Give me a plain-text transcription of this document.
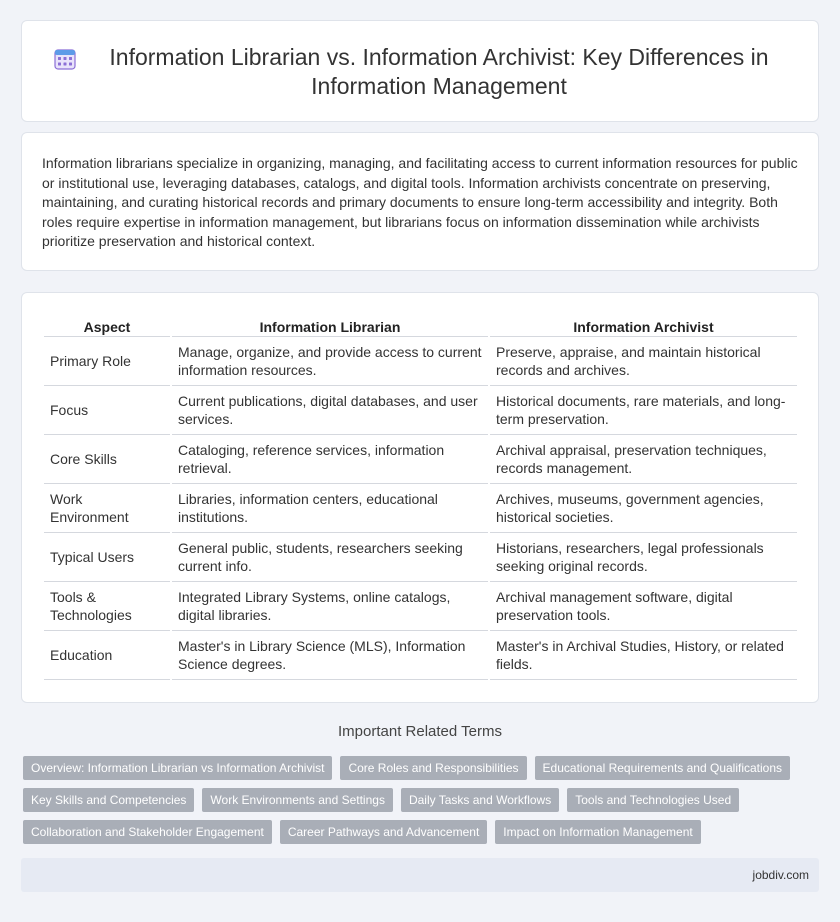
Information Librarian vs. Information Archivist: Key Differences in Information Management

Information librarians specialize in organizing, managing, and facilitating access to current information resources for public or institutional use, leveraging databases, catalogs, and digital tools. Information archivists concentrate on preserving, maintaining, and curating historical records and primary documents to ensure long-term accessibility and integrity. Both roles require expertise in information management, but librarians focus on information dissemination while archivists prioritize preservation and historical context.

Aspect	Information Librarian	Information Archivist
Primary Role	Manage, organize, and provide access to current information resources.	Preserve, appraise, and maintain historical records and archives.
Focus	Current publications, digital databases, and user services.	Historical documents, rare materials, and long-term preservation.
Core Skills	Cataloging, reference services, information retrieval.	Archival appraisal, preservation techniques, records management.
Work Environment	Libraries, information centers, educational institutions.	Archives, museums, government agencies, historical societies.
Typical Users	General public, students, researchers seeking current info.	Historians, researchers, legal professionals seeking original records.
Tools & Technologies	Integrated Library Systems, online catalogs, digital libraries.	Archival management software, digital preservation tools.
Education	Master's in Library Science (MLS), Information Science degrees.	Master's in Archival Studies, History, or related fields.
Important Related Terms
Overview: Information Librarian vs Information Archivist	Core Roles and Responsibilities	Educational Requirements and Qualifications
Key Skills and Competencies	Work Environments and Settings	Daily Tasks and Workflows	Tools and Technologies Used
Collaboration and Stakeholder Engagement	Career Pathways and Advancement	Impact on Information Management
jobdiv.com
